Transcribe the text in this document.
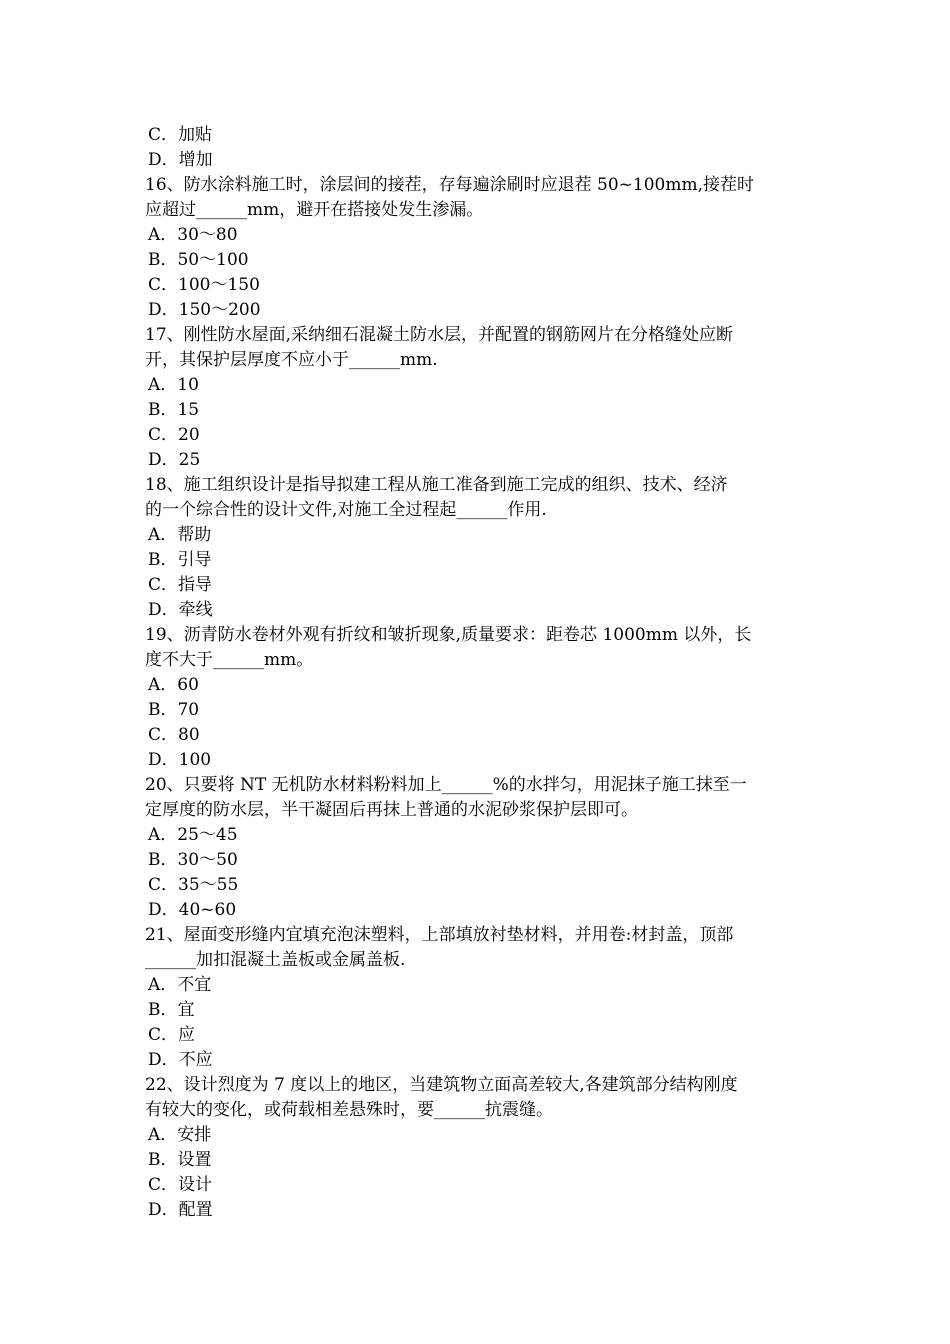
C．加贴
D．增加
16、防水涂料施工时，涂层间的接茬，存每遍涂刷时应退茬 50~100mm,接茬时
应超过______mm，避开在搭接处发生渗漏。
A．30～80
B．50～100
C．100～150
D．150～200
17、刚性防水屋面,采纳细石混凝土防水层，并配置的钢筋网片在分格缝处应断
开，其保护层厚度不应小于______mm.
A．10
B．15
C．20
D．25
18、施工组织设计是指导拟建工程从施工准备到施工完成的组织、技术、经济
的一个综合性的设计文件,对施工全过程起______作用.
A．帮助
B．引导
C．指导
D．牵线
19、沥青防水卷材外观有折纹和皱折现象,质量要求：距卷芯 1000mm 以外，长
度不大于______mm。
A．60
B．70
C．80
D．100
20、只要将 NT 无机防水材料粉料加上______%的水拌匀，用泥抹子施工抹至一
定厚度的防水层，半干凝固后再抹上普通的水泥砂浆保护层即可。
A．25～45
B．30～50
C．35～55
D．40~60
21、屋面变形缝内宜填充泡沫塑料，上部填放衬垫材料，并用卷:材封盖，顶部
______加扣混凝土盖板或金属盖板.
A．不宜
B．宜
C．应
D．不应
22、设计烈度为 7 度以上的地区，当建筑物立面高差较大,各建筑部分结构刚度
有较大的变化，或荷载相差悬殊时，要______抗震缝。
A．安排
B．设置
C．设计
D．配置
